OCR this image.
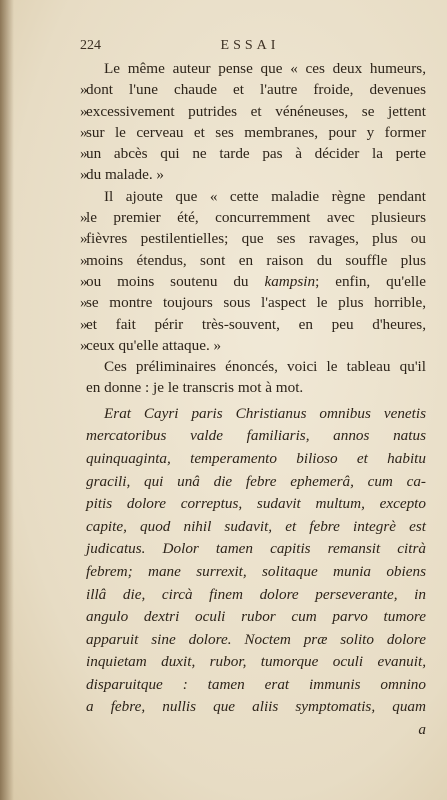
224	ESSAI
Le même auteur pense que « ces deux humeurs,
»
dont l'une chaude et l'autre froide, devenues
»
excessivement putrides et vénéneuses, se jettent
»
sur le cerveau et ses membranes, pour y former
»
un abcès qui ne tarde pas à décider la perte
»
du malade. »
Il ajoute que « cette maladie règne pendant
»
le premier été, concurremment avec plusieurs
»
fièvres pestilentielles; que ses ravages, plus ou
»
moins étendus, sont en raison du souffle plus
»
ou moins soutenu du kampsin; enfin, qu'elle
»
se montre toujours sous l'aspect le plus horrible,
»
et fait périr très-souvent, en peu d'heures,
»
ceux qu'elle attaque. »
Ces préliminaires énoncés, voici le tableau qu'il
en donne : je le transcris mot à mot.
Erat Cayri paris Christianus omnibus venetis
mercatoribus valde familiaris, annos natus
quinquaginta, temperamento bilioso et habitu
gracili, qui unâ die febre ephemerâ, cum ca-
pitis dolore correptus, sudavit multum, excepto
capite, quod nihil sudavit, et febre integrè est
judicatus. Dolor tamen capitis remansit citrà
febrem; mane surrexit, solitaque munia obiens
illâ die, circà finem dolore perseverante, in
angulo dextri oculi rubor cum parvo tumore
apparuit sine dolore. Noctem præ solito dolore
inquietam duxit, rubor, tumorque oculi evanuit,
disparuitque : tamen erat immunis omnino
a febre, nullis que aliis symptomatis, quam
a
